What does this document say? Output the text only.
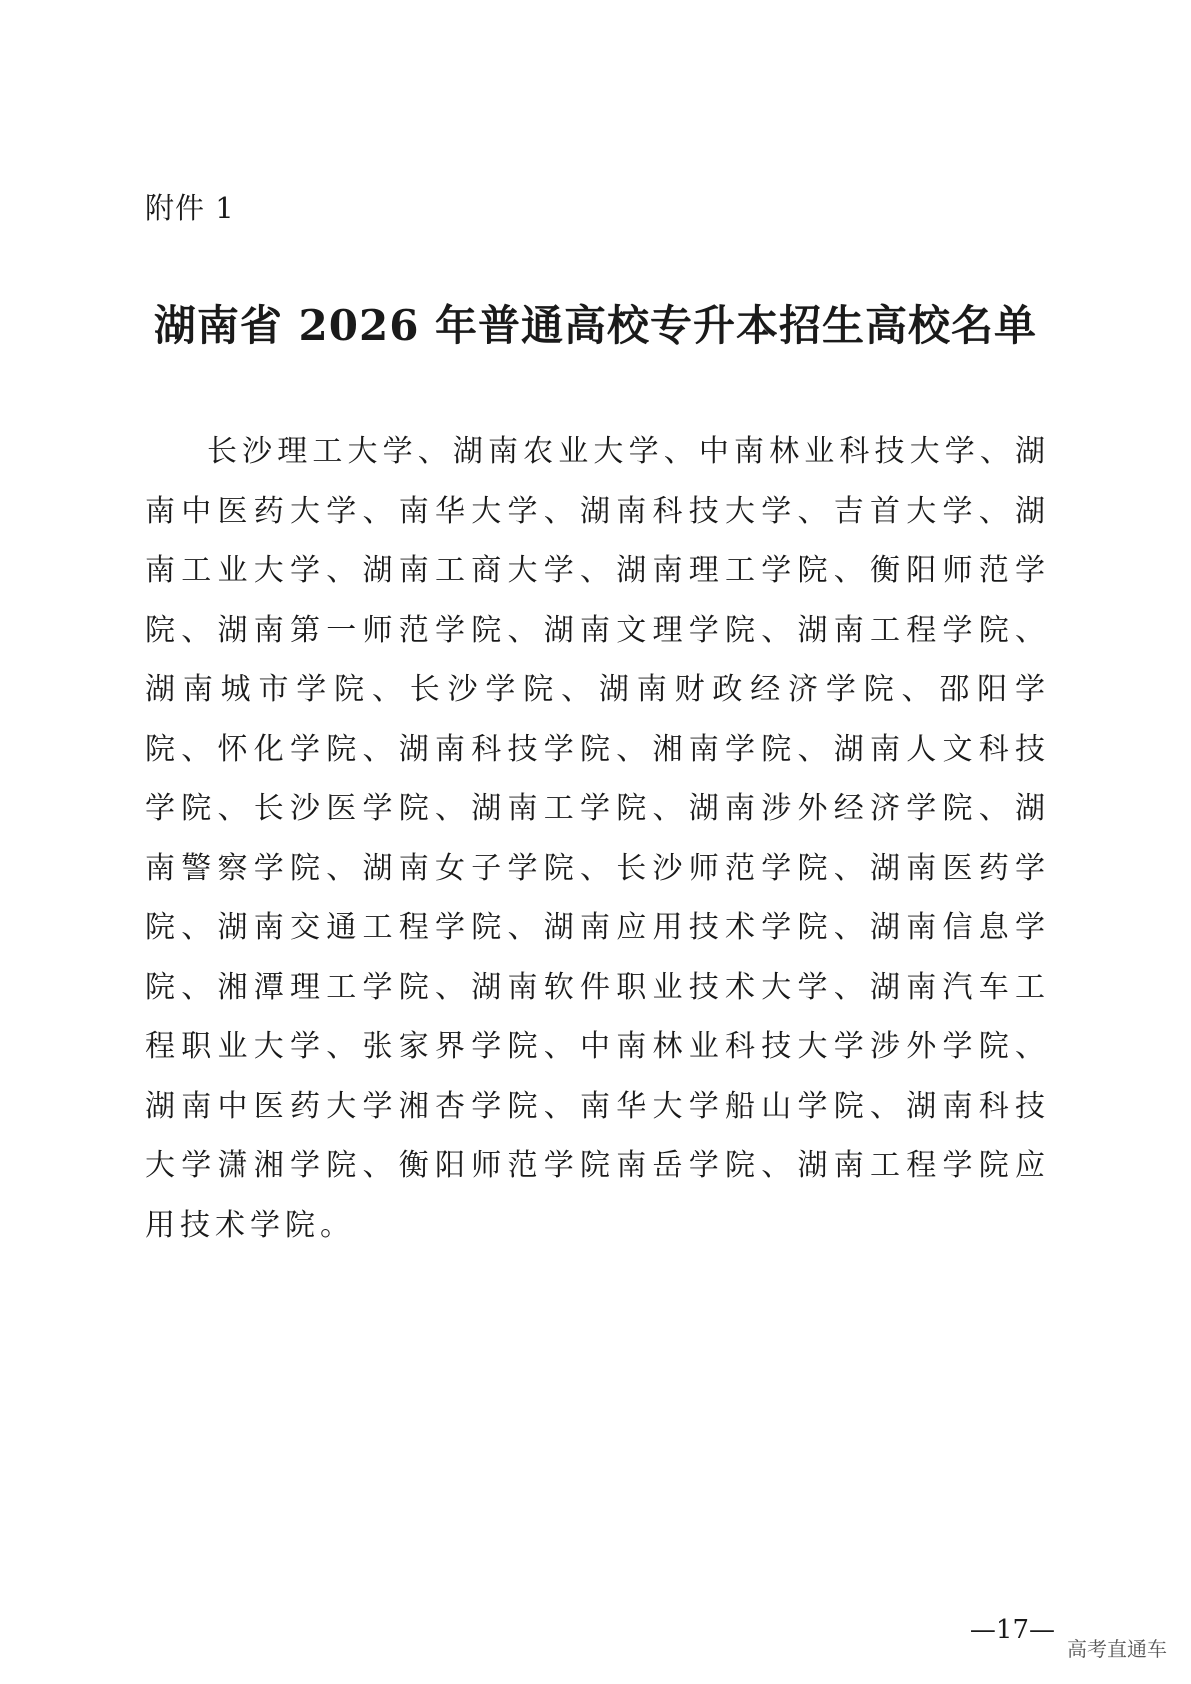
附件 1
湖南省 2026 年普通高校专升本招生高校名单

长沙理工大学、湖南农业大学、中南林业科技大学、湖南中医药大学、南华大学、湖南科技大学、吉首大学、湖南工业大学、湖南工商大学、湖南理工学院、衡阳师范学院、湖南第一师范学院、湖南文理学院、湖南工程学院、湖南城市学院、长沙学院、湖南财政经济学院、邵阳学院、怀化学院、湖南科技学院、湘南学院、湖南人文科技学院、长沙医学院、湖南工学院、湖南涉外经济学院、湖南警察学院、湖南女子学院、长沙师范学院、湖南医药学院、湖南交通工程学院、湖南应用技术学院、湖南信息学院、湘潭理工学院、湖南软件职业技术大学、湖南汽车工程职业大学、张家界学院、中南林业科技大学涉外学院、湖南中医药大学湘杏学院、南华大学船山学院、湖南科技大学潇湘学院、衡阳师范学院南岳学院、湖南工程学院应用技术学院。

—17—
高考直通车
